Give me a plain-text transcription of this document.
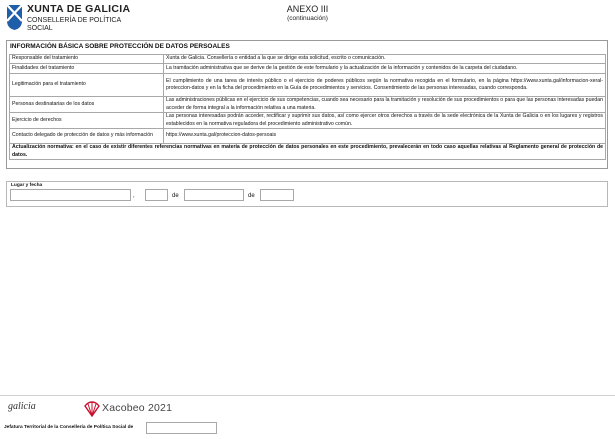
XUNTA DE GALICIA
CONSELLERÍA DE POLÍTICA
SOCIAL
ANEXO III
(continuación)
INFORMACIÓN BÁSICA SOBRE PROTECCIÓN DE DATOS PERSOALES
Responsable del tratamiento	Xunta de Galicia. Consellería o entidad a la que se dirige esta solicitud, escrito o comunicación.
Finalidades del tratamiento	La tramitación administrativa que se derive de la gestión de este formulario y la actualización de la información y contenidos de la carpeta del ciudadano.
Legitimación para el tratamiento	El cumplimiento de una tarea de interés público o el ejercicio de poderes públicos según la normativa recogida en el formulario, en la página https://www.xunta.gal/informacion-xeral-proteccion-datos y en la ficha del procedimiento en la Guía de procedimientos y servicios. Consentimiento de las personas interesadas, cuando corresponda.
Personas destinatarias de los datos	Las administraciones públicas en el ejercicio de sus competencias, cuando sea necesario para la tramitación y resolución de sus procedimientos o para que las personas interesadas puedan acceder de forma integral a la información relativa a una materia.
Ejercicio de derechos	Las personas interesadas podrán acceder, rectificar y suprimir sus datos, así como ejercer otros derechos a través de la sede electrónica de la Xunta de Galicia o en los lugares y registros establecidos en la normativa reguladora del procedimiento administrativo común.
Contacto delegado de protección de datos y más información	https://www.xunta.gal/proteccion-datos-persoais
Actualización normativa: en el caso de existir diferentes referencias normativas en materia de protección de datos personales en este procedimiento, prevalecerán en todo caso aquellas relativas al Reglamento general de protección de datos.	
Lugar y fecha
,	de	de
galicia	Xacobeo 2021
Jefatura Territorial de la Consellería de Política Social de
